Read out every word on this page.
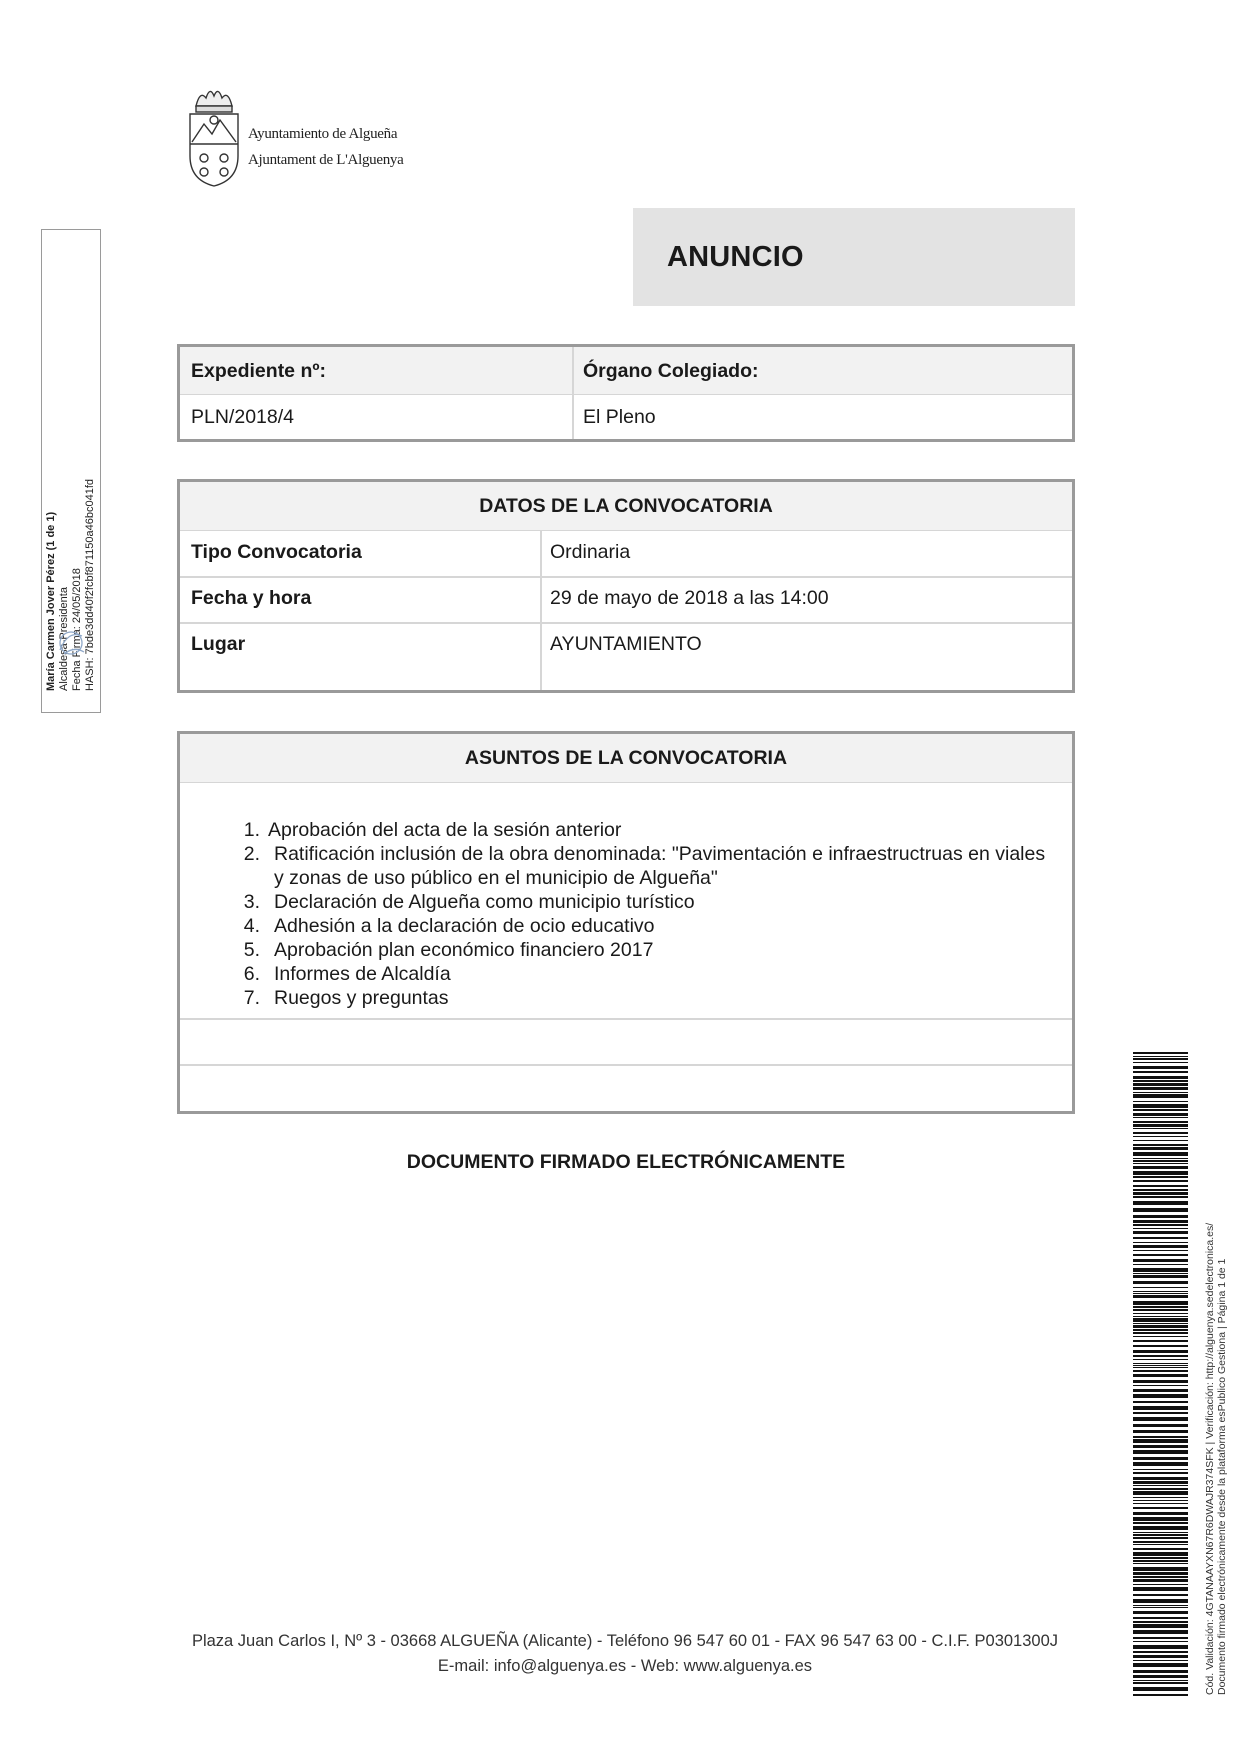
Ayuntamiento de Algueña
Ajuntament de L'Alguenya
María Carmen Jover Pérez (1 de 1) Alcaldesa-Presidenta Fecha Firma: 24/05/2018 HASH: 7bde3dd40f2fcbf871150a46bc041fd
ANUNCIO
Expediente nº:	Órgano Colegiado:
PLN/2018/4	El Pleno
DATOS DE LA CONVOCATORIA
Tipo Convocatoria	Ordinaria
Fecha y hora	29 de mayo de 2018 a las 14:00
Lugar	AYUNTAMIENTO
ASUNTOS DE LA CONVOCATORIA
1. Aprobación del acta de la sesión anterior
2. Ratificación inclusión de la obra denominada: "Pavimentación e infraestructruas en viales y zonas de uso público en el municipio de Algueña"
3. Declaración de Algueña como municipio turístico
4. Adhesión a la declaración de ocio educativo
5. Aprobación plan económico financiero 2017
6. Informes de Alcaldía
7. Ruegos y preguntas
DOCUMENTO FIRMADO ELECTRÓNICAMENTE
Plaza Juan Carlos I, Nº 3 - 03668 ALGUEÑA (Alicante) - Teléfono 96 547 60 01 - FAX 96 547 63 00 - C.I.F. P0301300J
E-mail: info@alguenya.es - Web: www.alguenya.es	Cód. Validación: 4GTANAAYXN67R6DWAJR374SFK | Verificación: http://alguenya.sedelectronica.es/ Documento firmado electrónicamente desde la plataforma esPublico Gestiona | Página 1 de 1
